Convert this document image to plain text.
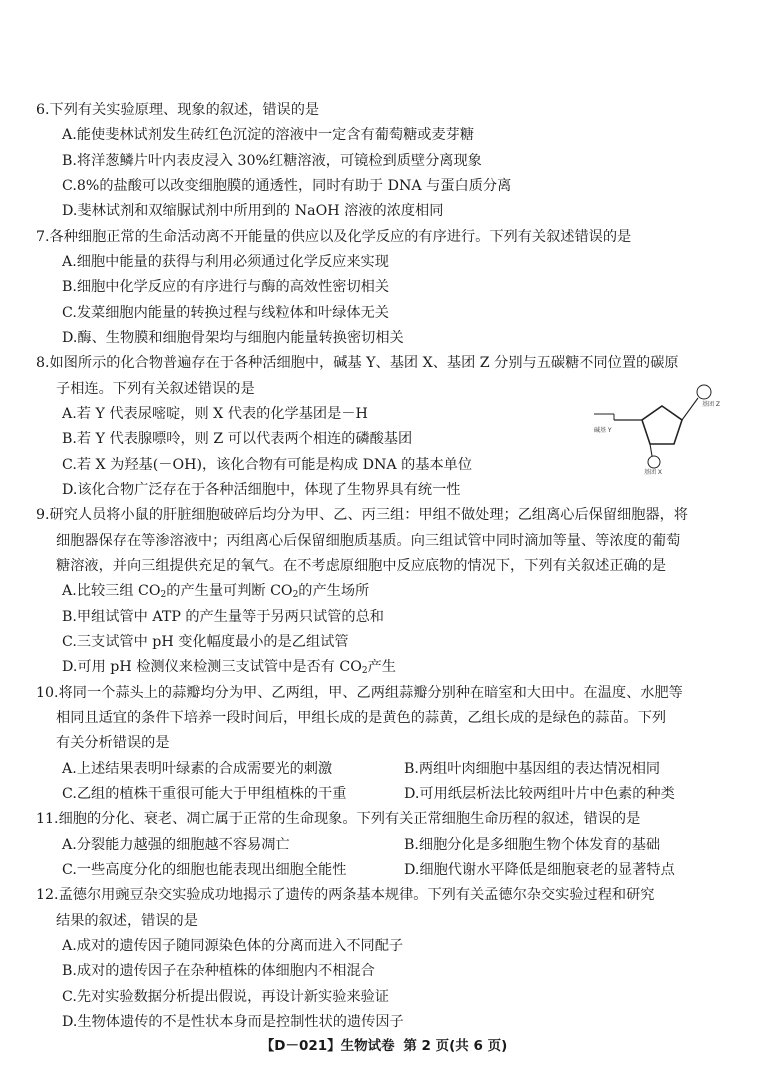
6.下列有关实验原理、现象的叙述，错误的是
A.能使斐林试剂发生砖红色沉淀的溶液中一定含有葡萄糖或麦芽糖
B.将洋葱鳞片叶内表皮浸入 30%红糖溶液，可镜检到质壁分离现象
C.8%的盐酸可以改变细胞膜的通透性，同时有助于 DNA 与蛋白质分离
D.斐林试剂和双缩脲试剂中所用到的 NaOH 溶液的浓度相同
7.各种细胞正常的生命活动离不开能量的供应以及化学反应的有序进行。下列有关叙述错误的是
A.细胞中能量的获得与利用必须通过化学反应来实现
B.细胞中化学反应的有序进行与酶的高效性密切相关
C.发菜细胞内能量的转换过程与线粒体和叶绿体无关
D.酶、生物膜和细胞骨架均与细胞内能量转换密切相关
8.如图所示的化合物普遍存在于各种活细胞中，碱基 Y、基团 X、基团 Z 分别与五碳糖不同位置的碳原
子相连。下列有关叙述错误的是
A.若 Y 代表尿嘧啶，则 X 代表的化学基团是－H
B.若 Y 代表腺嘌呤，则 Z 可以代表两个相连的磷酸基团
C.若 X 为羟基(－OH)，该化合物有可能是构成 DNA 的基本单位
D.该化合物广泛存在于各种活细胞中，体现了生物界具有统一性
碱基 Y
基团 Z
基团 X
9.研究人员将小鼠的肝脏细胞破碎后均分为甲、乙、丙三组：甲组不做处理；乙组离心后保留细胞器，将
细胞器保存在等渗溶液中；丙组离心后保留细胞质基质。向三组试管中同时滴加等量、等浓度的葡萄
糖溶液，并向三组提供充足的氧气。在不考虑原细胞中反应底物的情况下，下列有关叙述正确的是
A.比较三组 $CO_2$的产生量可判断 $CO_2$的产生场所
B.甲组试管中 ATP 的产生量等于另两只试管的总和
C.三支试管中 pH 变化幅度最小的是乙组试管
D.可用 pH 检测仪来检测三支试管中是否有 $CO_2$产生
10.将同一个蒜头上的蒜瓣均分为甲、乙两组，甲、乙两组蒜瓣分别种在暗室和大田中。在温度、水肥等
相同且适宜的条件下培养一段时间后，甲组长成的是黄色的蒜黄，乙组长成的是绿色的蒜苗。下列
有关分析错误的是
A.上述结果表明叶绿素的合成需要光的刺激	B.两组叶肉细胞中基因组的表达情况相同
C.乙组的植株干重很可能大于甲组植株的干重	D.可用纸层析法比较两组叶片中色素的种类
11.细胞的分化、衰老、凋亡属于正常的生命现象。下列有关正常细胞生命历程的叙述，错误的是
A.分裂能力越强的细胞越不容易凋亡	B.细胞分化是多细胞生物个体发育的基础
C.一些高度分化的细胞也能表现出细胞全能性	D.细胞代谢水平降低是细胞衰老的显著特点
12.孟德尔用豌豆杂交实验成功地揭示了遗传的两条基本规律。下列有关孟德尔杂交实验过程和研究
结果的叙述，错误的是
A.成对的遗传因子随同源染色体的分离而进入不同配子
B.成对的遗传因子在杂种植株的体细胞内不相混合
C.先对实验数据分析提出假说，再设计新实验来验证
D.生物体遗传的不是性状本身而是控制性状的遗传因子
【D－021】生物试卷 第 2 页(共 6 页)
